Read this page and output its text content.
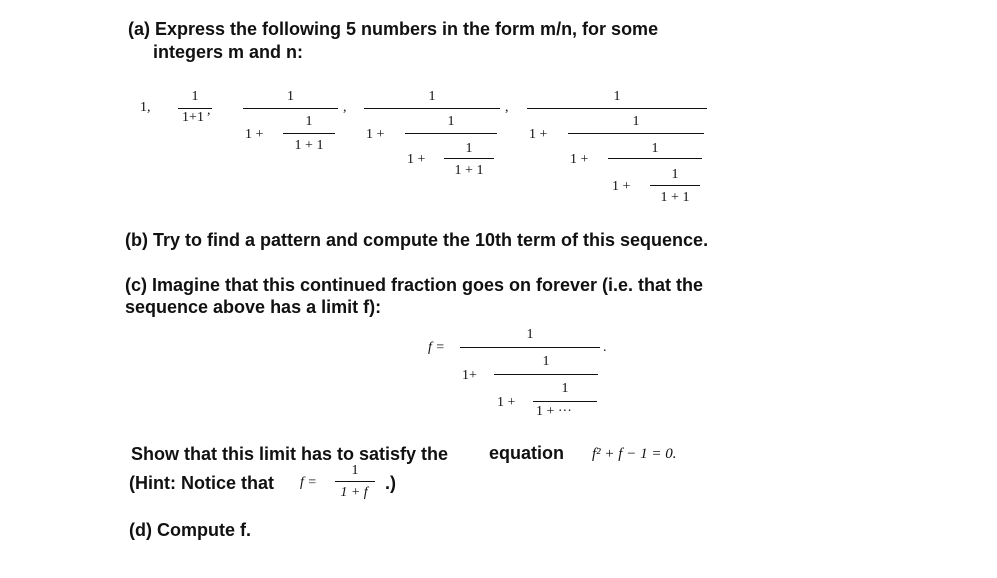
(a) Express the following 5 numbers in the form m/n, for some
integers m and n:
1,
1
1+1 ,
1
,
1 +
1
1 + 1
1
,
1 +
1
1 +
1
1 + 1
1
1 +
1
1 +
1
1 +
1
1 + 1
(b) Try to find a pattern and compute the 10th term of this sequence.
(c) Imagine that this continued fraction goes on forever (i.e. that the
sequence above has a limit f):
f =
1
.
1+
1
1 +
1
1 + ···
Show that this limit has to satisfy the equation f² + f − 1 = 0.
(Hint: Notice that f =
1
1 + f .)
(d) Compute f.
